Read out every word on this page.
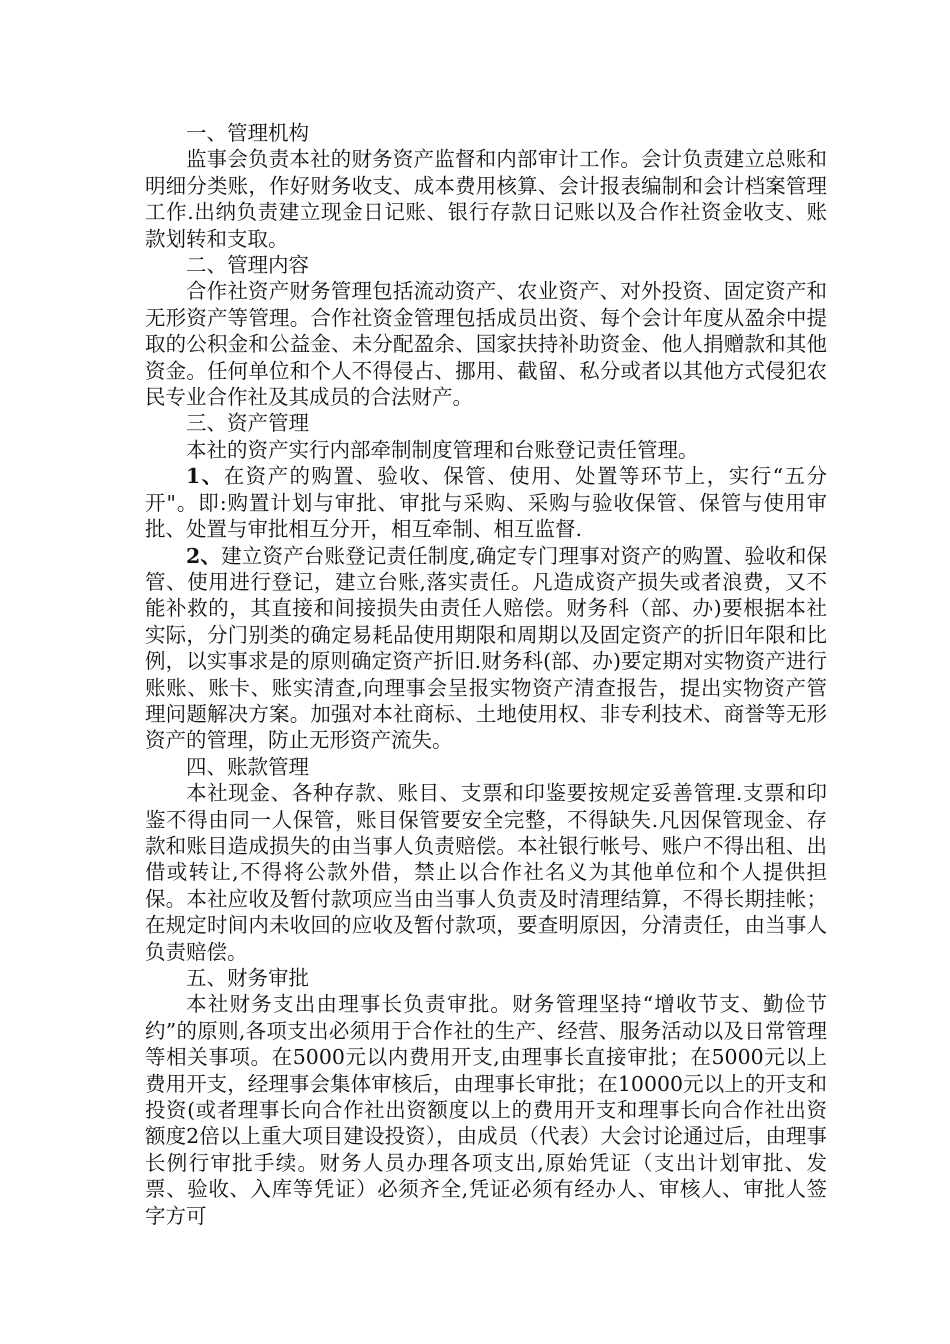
一、管理机构

监事会负责本社的财务资产监督和内部审计工作。会计负责建立总账和明细分类账，作好财务收支、成本费用核算、会计报表编制和会计档案管理工作.出纳负责建立现金日记账、银行存款日记账以及合作社资金收支、账款划转和支取。

二、管理内容

合作社资产财务管理包括流动资产、农业资产、对外投资、固定资产和无形资产等管理。合作社资金管理包括成员出资、每个会计年度从盈余中提取的公积金和公益金、未分配盈余、国家扶持补助资金、他人捐赠款和其他资金。任何单位和个人不得侵占、挪用、截留、私分或者以其他方式侵犯农民专业合作社及其成员的合法财产。

三、资产管理

本社的资产实行内部牵制制度管理和台账登记责任管理。

1、在资产的购置、验收、保管、使用、处置等环节上，实行“五分开"。即:购置计划与审批、审批与采购、采购与验收保管、保管与使用审批、处置与审批相互分开，相互牵制、相互监督.

2、建立资产台账登记责任制度,确定专门理事对资产的购置、验收和保管、使用进行登记，建立台账,落实责任。凡造成资产损失或者浪费，又不能补救的，其直接和间接损失由责任人赔偿。财务科（部、办)要根据本社实际，分门别类的确定易耗品使用期限和周期以及固定资产的折旧年限和比例，以实事求是的原则确定资产折旧.财务科(部、办)要定期对实物资产进行账账、账卡、账实清查,向理事会呈报实物资产清查报告，提出实物资产管理问题解决方案。加强对本社商标、土地使用权、非专利技术、商誉等无形资产的管理，防止无形资产流失。

四、账款管理

本社现金、各种存款、账目、支票和印鉴要按规定妥善管理.支票和印鉴不得由同一人保管，账目保管要安全完整，不得缺失.凡因保管现金、存款和账目造成损失的由当事人负责赔偿。本社银行帐号、账户不得出租、出借或转让,不得将公款外借，禁止以合作社名义为其他单位和个人提供担保。本社应收及暂付款项应当由当事人负责及时清理结算，不得长期挂帐；在规定时间内未收回的应收及暂付款项，要查明原因，分清责任，由当事人负责赔偿。

五、财务审批

本社财务支出由理事长负责审批。财务管理坚持“增收节支、勤俭节约”的原则,各项支出必须用于合作社的生产、经营、服务活动以及日常管理等相关事项。在5000元以内费用开支,由理事长直接审批；在5000元以上费用开支，经理事会集体审核后，由理事长审批；在10000元以上的开支和投资(或者理事长向合作社出资额度以上的费用开支和理事长向合作社出资额度2倍以上重大项目建设投资），由成员（代表）大会讨论通过后，由理事长例行审批手续。财务人员办理各项支出,原始凭证（支出计划审批、发票、验收、入库等凭证）必须齐全,凭证必须有经办人、审核人、审批人签字方可
